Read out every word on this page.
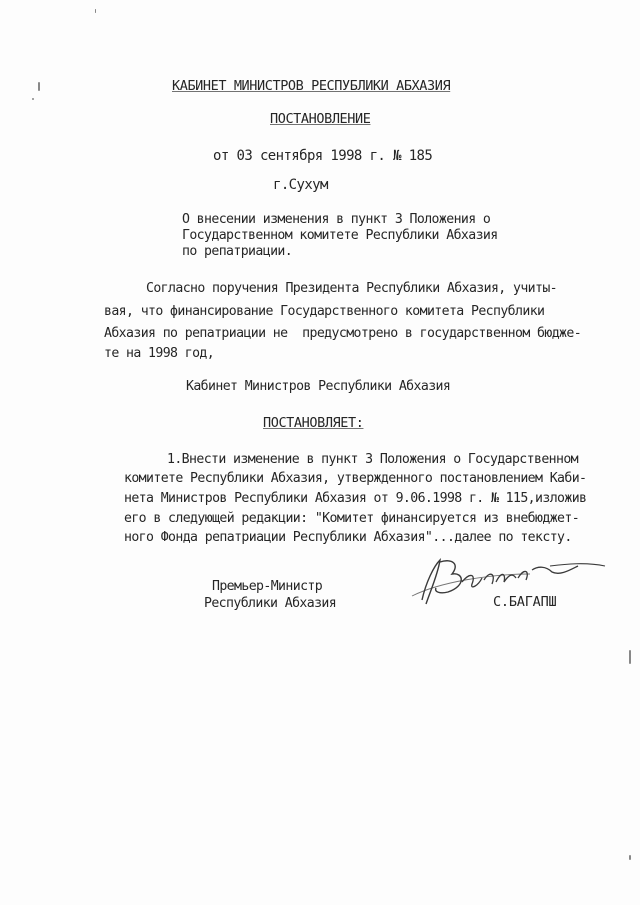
КАБИНЕТ МИНИСТРОВ РЕСПУБЛИКИ АБХАЗИЯ
ПОСТАНОВЛЕНИЕ
от 03 сентября 1998 г. № 185
г.Сухум
О внесении изменения в пункт 3 Положения о
Государственном комитете Республики Абхазия
по репатриации.
Согласно поручения Президента Республики Абхазия, учиты-
вая, что финансирование Государственного комитета Республики
Абхазия по репатриации не  предусмотрено в государственном бюдже-
те на 1998 год,
Кабинет Министров Республики Абхазия
ПОСТАНОВЛЯЕТ:
1.Внести изменение в пункт 3 Положения о Государственном
комитете Республики Абхазия, утвержденного постановлением Каби-
нета Министров Республики Абхазия от 9.06.1998 г. № 115,изложив
его в следующей редакции: "Комитет финансируется из внебюджет-
ного Фонда репатриации Республики Абхазия"...далее по тексту.
Премьер-Министр
Республики Абхазия	С.БАГАПШ
